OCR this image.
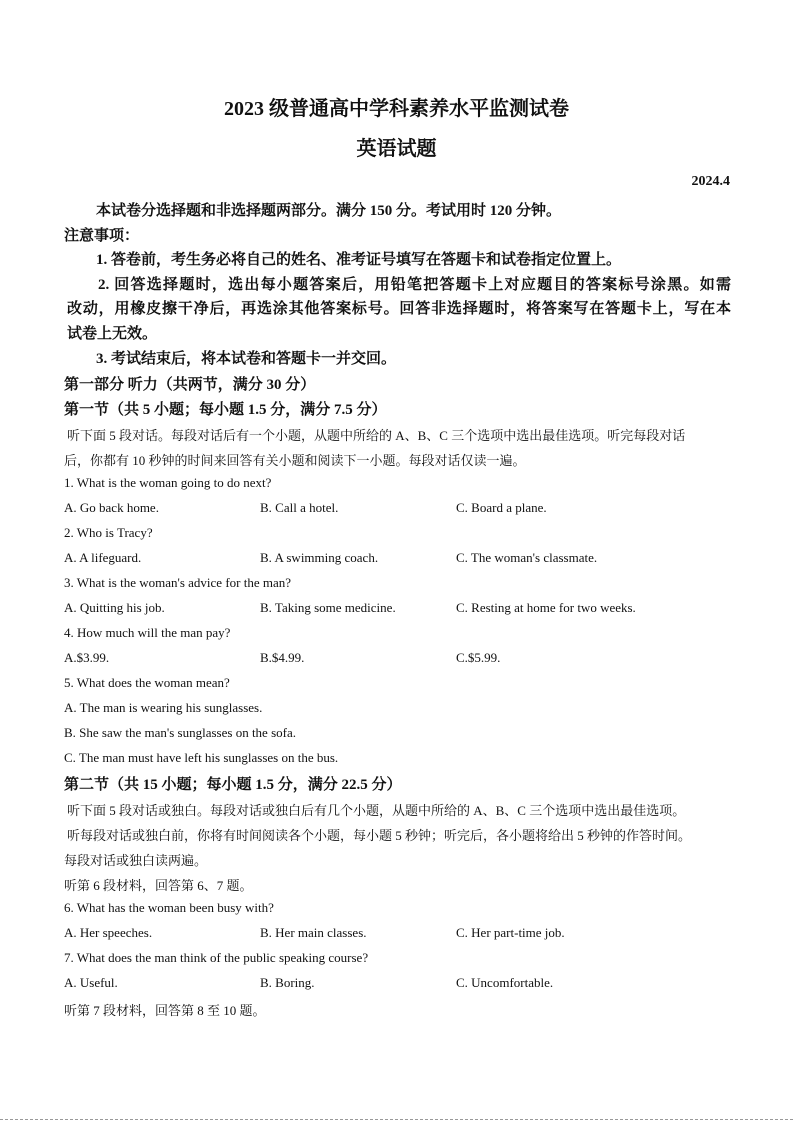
2023 级普通高中学科素养水平监测试卷
英语试题
2024.4
本试卷分选择题和非选择题两部分。满分 150 分。考试用时 120 分钟。
注意事项：
1. 答卷前，考生务必将自己的姓名、准考证号填写在答题卡和试卷指定位置上。
2. 回答选择题时，选出每小题答案后，用铅笔把答题卡上对应题目的答案标号涂黑。如需
改动，用橡皮擦干净后，再选涂其他答案标号。回答非选择题时，将答案写在答题卡上，写在本
试卷上无效。
3. 考试结束后，将本试卷和答题卡一并交回。
第一部分 听力（共两节，满分 30 分）
第一节（共 5 小题；每小题 1.5 分，满分 7.5 分）
听下面 5 段对话。每段对话后有一个小题，从题中所给的 A、B、C 三个选项中选出最佳选项。听完每段对话
后，你都有 10 秒钟的时间来回答有关小题和阅读下一小题。每段对话仅读一遍。
1. What is the woman going to do next?
A. Go back home.	B. Call a hotel.	C. Board a plane.
2. Who is Tracy?
A. A lifeguard.	B. A swimming coach.	C. The woman's classmate.
3. What is the woman's advice for the man?
A. Quitting his job.	B. Taking some medicine.	C. Resting at home for two weeks.
4. How much will the man pay?
A.$3.99.	B.$4.99.	C.$5.99.
5. What does the woman mean?
A. The man is wearing his sunglasses.
B. She saw the man's sunglasses on the sofa.
C. The man must have left his sunglasses on the bus.
第二节（共 15 小题；每小题 1.5 分，满分 22.5 分）
听下面 5 段对话或独白。每段对话或独白后有几个小题，从题中所给的 A、B、C 三个选项中选出最佳选项。
听每段对话或独白前，你将有时间阅读各个小题，每小题 5 秒钟；听完后，各小题将给出 5 秒钟的作答时间。
每段对话或独白读两遍。
听第 6 段材料，回答第 6、7 题。
6. What has the woman been busy with?
A. Her speeches.	B. Her main classes.	C. Her part-time job.
7. What does the man think of the public speaking course?
A. Useful.	B. Boring.	C. Uncomfortable.
听第 7 段材料，回答第 8 至 10 题。
